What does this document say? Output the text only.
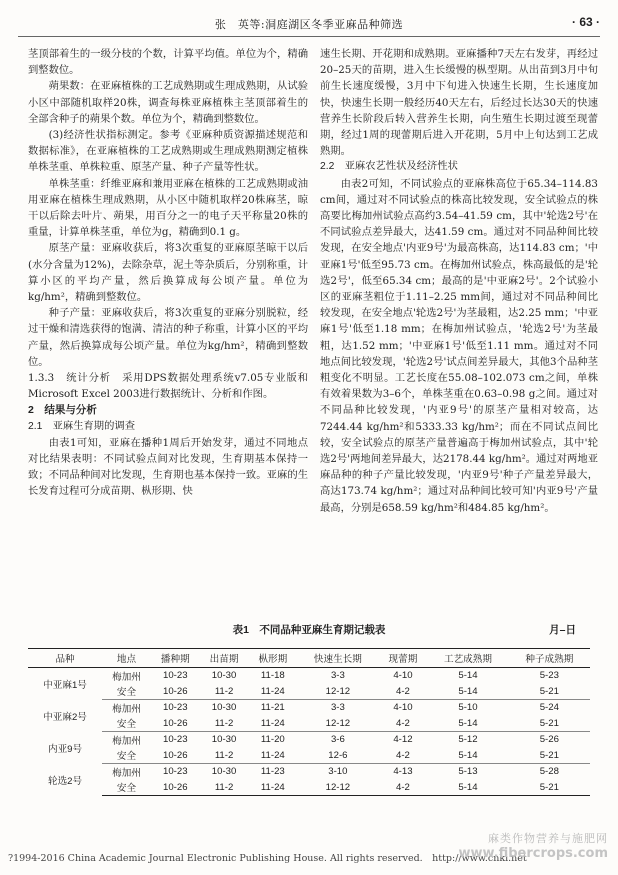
张　英等:洞庭湖区冬季亚麻品种筛选	· 63 ·

茎顶部着生的一级分枝的个数，计算平均值。单位为个，精确到整数位。

蒴果数：在亚麻植株的工艺成熟期或生理成熟期，从试验小区中部随机取样20株，调查每株亚麻植株主茎顶部着生的全部含种子的蒴果个数。单位为个，精确到整数位。

(3)经济性状指标测定。参考《亚麻种质资源描述规范和数据标准》，在亚麻植株的工艺成熟期或生理成熟期测定植株单株茎重、单株粒重、原茎产量、种子产量等性状。

单株茎重：纤维亚麻和兼用亚麻在植株的工艺成熟期或油用亚麻在植株生理成熟期，从小区中随机取样20株麻茎，晾干以后除去叶片、蒴果，用百分之一的电子天平称量20株的重量，计算单株茎重，单位为g，精确到0.1 g。

原茎产量：亚麻收获后，将3次重复的亚麻原茎晾干以后(水分含量为12%)，去除杂草，泥土等杂质后，分别称重，计算小区的平均产量，然后换算成每公顷产量。单位为kg/hm²，精确到整数位。

种子产量：亚麻收获后，将3次重复的亚麻分别脱粒，经过干燥和清选获得的饱满、清洁的种子称重，计算小区的平均产量，然后换算成每公顷产量。单位为kg/hm²，精确到整数位。

1.3.3　统计分析　采用DPS数据处理系统v7.05专业版和Microsoft Excel 2003进行数据统计、分析和作图。

2　结果与分析

2.1　亚麻生育期的调查

由表1可知，亚麻在播种1周后开始发芽，通过不同地点对比结果表明：不同试验点间对比发现，生育期基本保持一致；不同品种间对比发现，生育期也基本保持一致。亚麻的生长发育过程可分成苗期、枞形期、快

速生长期、开花期和成熟期。亚麻播种7天左右发芽，再经过20–25天的苗期，进入生长缓慢的枞型期。从出苗到3月中旬前生长速度缓慢，3月中下旬进入快速生长期，生长速度加快，快速生长期一般经历40天左右，后经过长达30天的快速营养生长阶段后转入营养生长期，向生殖生长期过渡至现蕾期，经过1周的现蕾期后进入开花期，5月中上旬达到工艺成熟期。

2.2　亚麻农艺性状及经济性状

由表2可知，不同试验点的亚麻株高位于65.34–114.83 cm间，通过对不同试验点的株高比较发现，安全试验点的株高要比梅加州试验点高约3.54–41.59 cm，其中'轮选2号'在不同试验点差异最大，达41.59 cm。通过对不同品种间比较发现，在安全地点'内亚9号'为最高株高，达114.83 cm；'中亚麻1号'低至95.73 cm。在梅加州试验点，株高最低的是'轮选2号'，低至65.34 cm；最高的是'中亚麻2号'。2个试验小区的亚麻茎粗位于1.11–2.25 mm间，通过对不同品种间比较发现，在安全地点'轮选2号'为茎最粗，达2.25 mm；'中亚麻1号'低至1.18 mm；在梅加州试验点，'轮选2号'为茎最粗，达1.52 mm；'中亚麻1号'低至1.11 mm。通过对不同地点间比较发现，'轮选2号'试点间差异最大，其他3个品种茎粗变化不明显。工艺长度在55.08–102.073 cm之间，单株有效着果数为3–6个，单株茎重在0.63–0.98 g之间。通过对不同品种比较发现，'内亚9号'的原茎产量相对较高，达7244.44 kg/hm²和5333.33 kg/hm²；而在不同试点间比较，安全试验点的原茎产量普遍高于梅加州试验点，其中'轮选2号'两地间差异最大，达2178.44 kg/hm²。通过对两地亚麻品种的种子产量比较发现，'内亚9号'种子产量差异最大，高达173.74 kg/hm²；通过对品种间比较可知'内亚9号'产量最高，分别是658.59 kg/hm²和484.85 kg/hm²。

表1　不同品种亚麻生育期记载表	月–日
品种	地点	播种期	出苗期	枞形期	快速生长期	现蕾期	工艺成熟期	种子成熟期
中亚麻1号	梅加州	10-23	10-30	11-18	3-3	4-10	5-14	5-23
	安全	10-26	11-2	11-24	12-12	4-2	5-14	5-21
中亚麻2号	梅加州	10-23	10-30	11-21	3-3	4-10	5-10	5-24
	安全	10-26	11-2	11-24	12-12	4-2	5-14	5-21
内亚9号	梅加州	10-23	10-30	11-20	3-6	4-12	5-12	5-26
	安全	10-26	11-2	11-24	12-6	4-2	5-14	5-21
轮选2号	梅加州	10-23	10-30	11-23	3-10	4-13	5-13	5-28
	安全	10-26	11-2	11-24	12-12	4-2	5-14	5-21
?1994-2016 China Academic Journal Electronic Publishing House. All rights reserved.　http://www.cnki.net
麻类作物营养与施肥网
www.fibercrops.com
